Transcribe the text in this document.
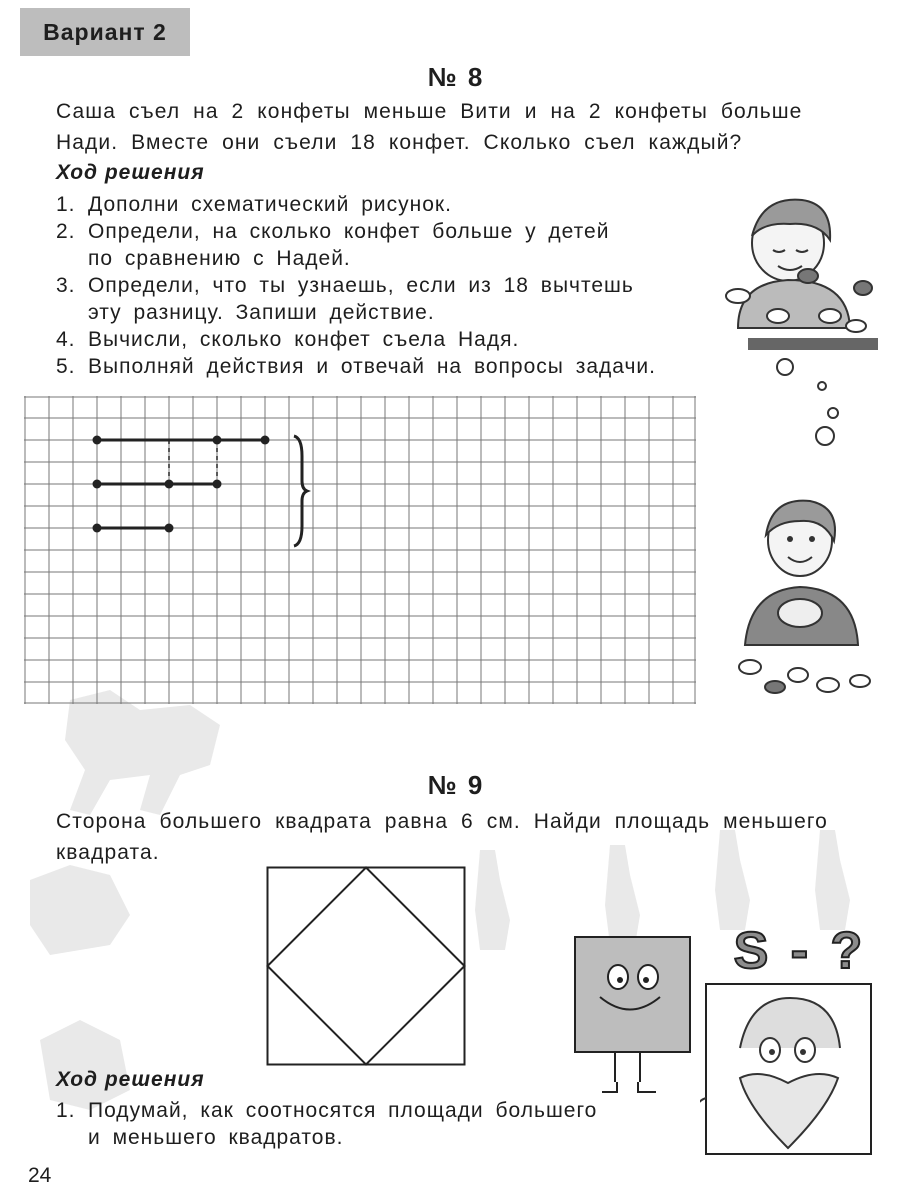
Вариант 2
№ 8
Саша съел на 2 конфеты меньше Вити и на 2 конфеты больше
Нади. Вместе они съели 18 конфет. Сколько съел каждый?
Ход решения
1. Дополни схематический рисунок.
2. Определи, на сколько конфет больше у детей
по сравнению с Надей.
3. Определи, что ты узнаешь, если из 18 вычтешь
эту разницу. Запиши действие.
4. Вычисли, сколько конфет съела Надя.
5. Выполняй действия и отвечай на вопросы задачи.
№ 9
Сторона большего квадрата равна 6 см. Найди площадь меньшего
квадрата.
S - ?
Ход решения
1. Подумай, как соотносятся площади большего
и меньшего квадратов.
24
